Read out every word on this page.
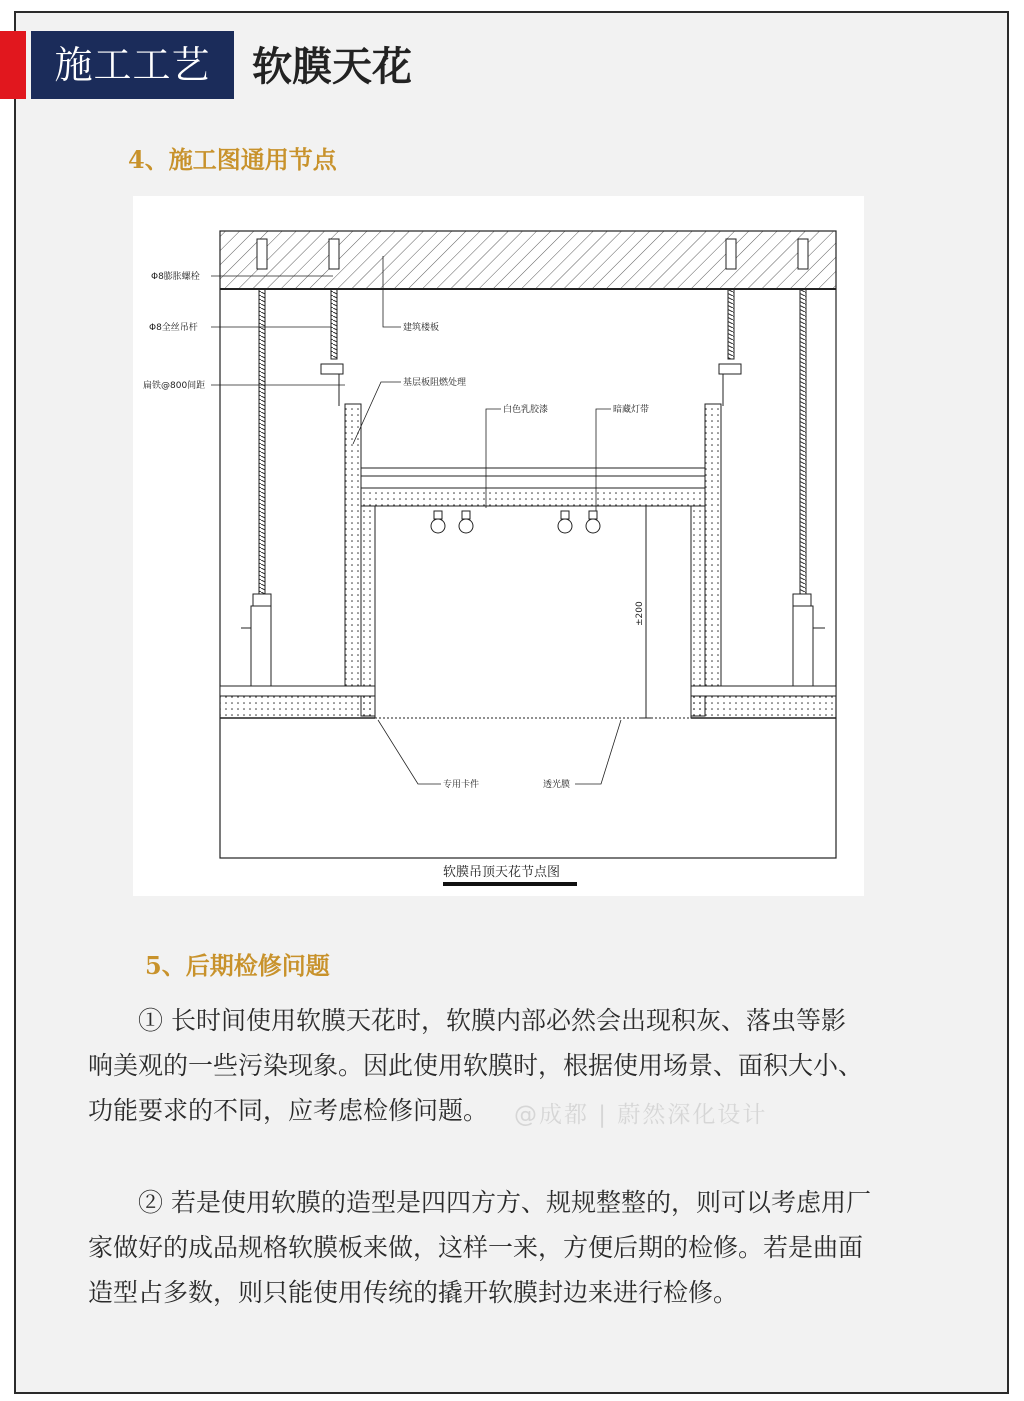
施工工艺	软膜天花
4、施工图通用节点
±200
Φ8膨胀螺栓
Φ8全丝吊杆
扁铁@800间距
建筑楼板
基层板阻燃处理
白色乳胶漆	暗藏灯带
专用卡件	透光膜
软膜吊顶天花节点图
5、后期检修问题
① 长时间使用软膜天花时，软膜内部必然会出现积灰、落虫等影
响美观的一些污染现象。因此使用软膜时，根据使用场景、面积大小、
功能要求的不同，应考虑检修问题。	@成都 | 蔚然深化设计
② 若是使用软膜的造型是四四方方、规规整整的，则可以考虑用厂
家做好的成品规格软膜板来做，这样一来，方便后期的检修。若是曲面
造型占多数，则只能使用传统的撬开软膜封边来进行检修。
